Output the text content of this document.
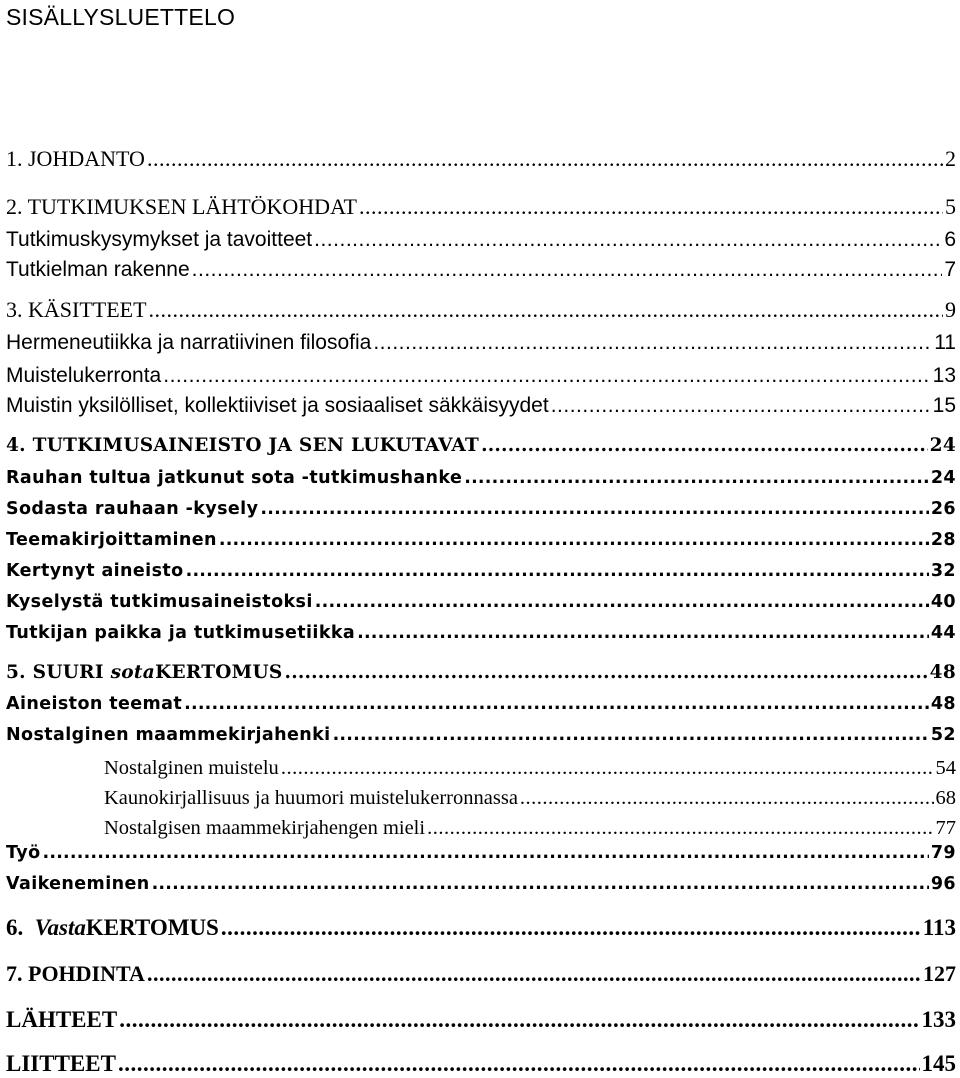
SISÄLLYSLUETTELO
1. JOHDANTO .....	2
2. TUTKIMUKSEN LÄHTÖKOHDAT .....	5
Tutkimuskysymykset ja tavoitteet .....	6
Tutkielman rakenne .....	7
3. KÄSITTEET .....	9
Hermeneutiikka ja narratiivinen filosofia .....	11
Muistelukerronta .....	13
Muistin yksilölliset, kollektiiviset ja sosiaaliset säkkäisyydet .....	15
4. TUTKIMUSAINEISTO JA SEN LUKUTAVAT .....	24
Rauhan tultua jatkunut sota -tutkimushanke .....	24
Sodasta rauhaan -kysely .....	26
Teemakirjoittaminen .....	28
Kertynyt aineisto .....	32
Kyselystä tutkimusaineistoksi .....	40
Tutkijan paikka ja tutkimusetiikka .....	44
5. SUURI sotaKERTOMUS .....	48
Aineiston teemat .....	48
Nostalginen maammekirjahenki .....	52
Nostalginen muistelu .....	54
Kaunokirjallisuus ja huumori muistelukerronnassa .....	68
Nostalgisen maammekirjahengen mieli .....	77
Työ .....	79
Vaikeneminen .....	96
6.  VastaKERTOMUS .....	113
7. POHDINTA .....	127
LÄHTEET .....	133
LIITTEET .....	145
